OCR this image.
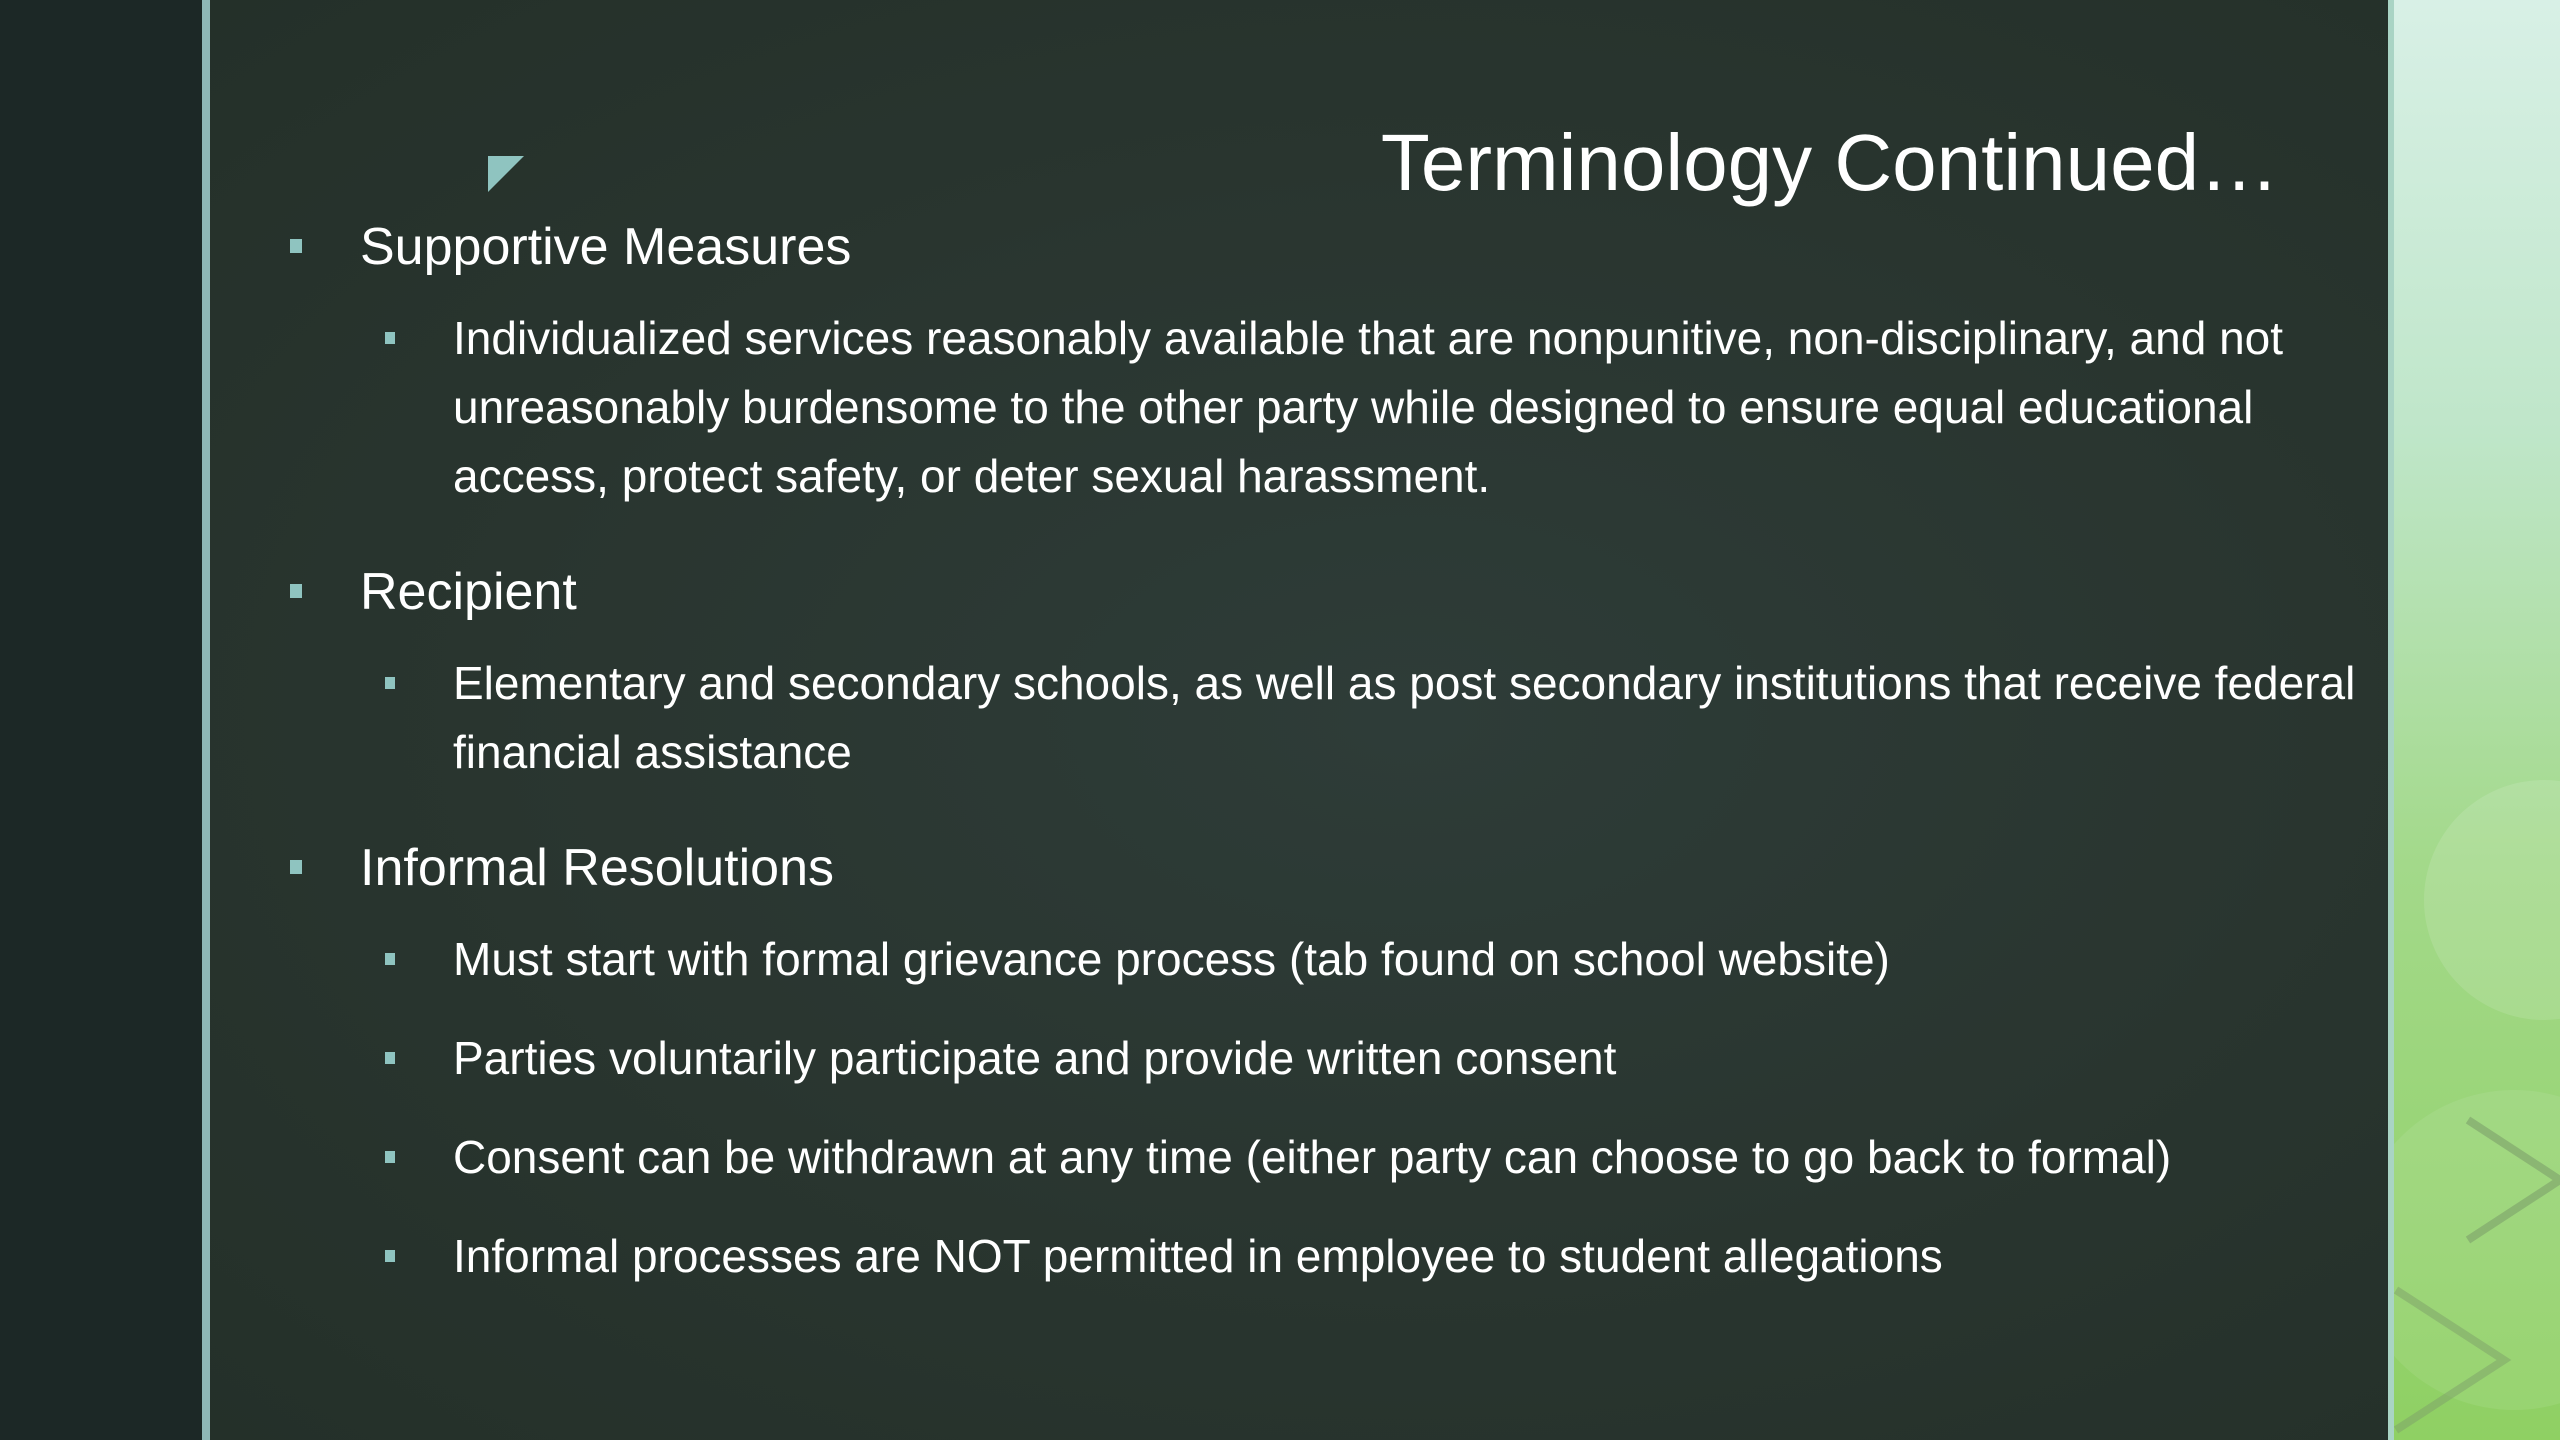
Terminology Continued…
Supportive Measures
Individualized services reasonably available that are nonpunitive, non-disciplinary, and not unreasonably burdensome to the other party while designed to ensure equal educational access, protect safety, or deter sexual harassment.
Recipient
Elementary and secondary schools, as well as post secondary institutions that receive federal financial assistance
Informal Resolutions
Must start with formal grievance process (tab found on school website)
Parties voluntarily participate and provide written consent
Consent can be withdrawn at any time (either party can choose to go back to formal)
Informal processes are NOT permitted in employee to student allegations
